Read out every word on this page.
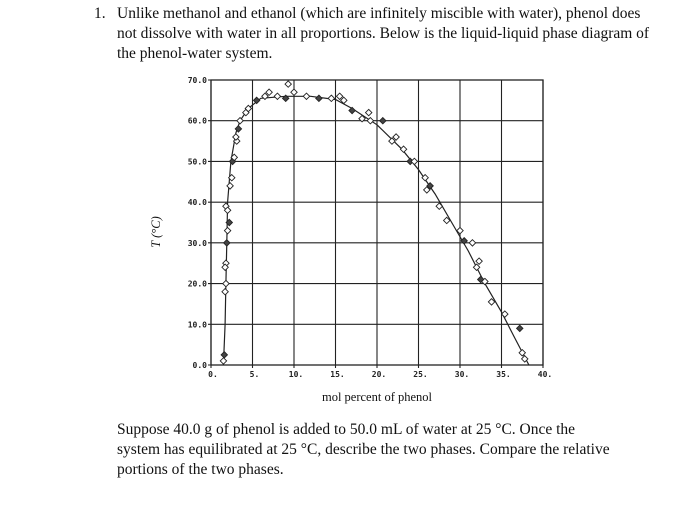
1. Unlike methanol and ethanol (which are infinitely miscible with water), phenol does not dissolve with water in all proportions. Below is the liquid-liquid phase diagram of the phenol-water system.
0.	5.	10.	15.	20.	25.	30.	35.	40.
0.0
10.0
20.0
30.0
40.0
50.0
60.0
70.0
mol percent of phenol
T (°C)
Suppose 40.0 g of phenol is added to 50.0 mL of water at 25 °C. Once the system has equilibrated at 25 °C, describe the two phases. Compare the relative portions of the two phases.
